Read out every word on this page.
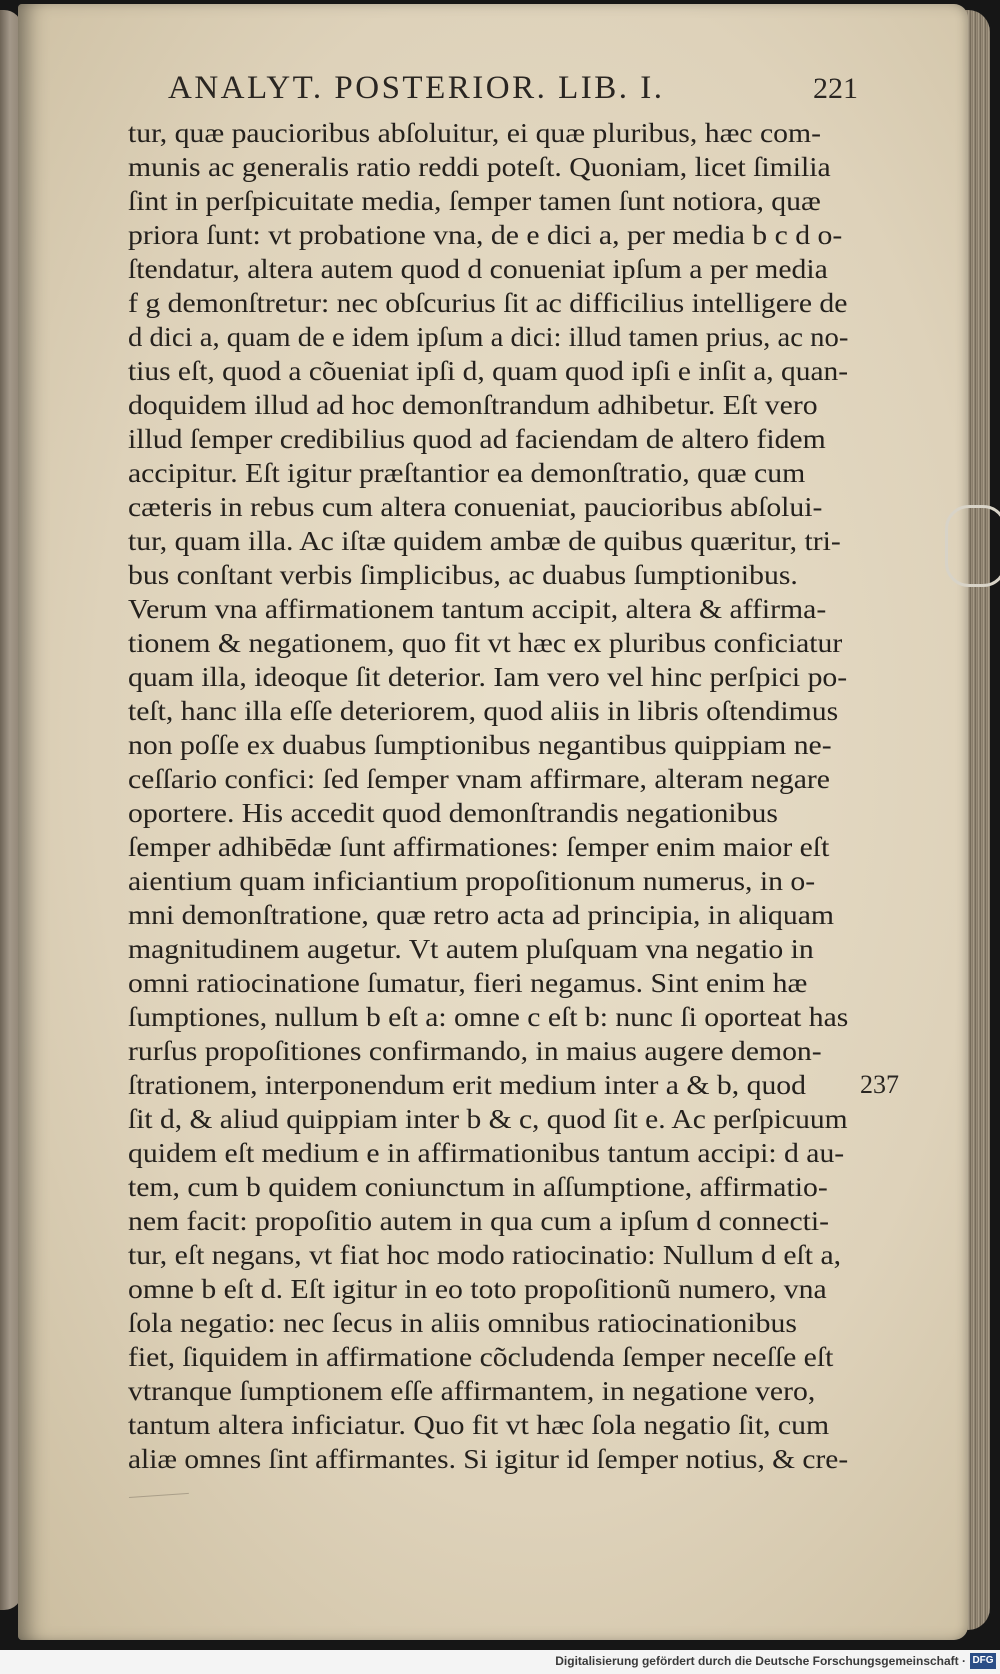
ANALYT. POSTERIOR. LIB. I.	221
tur, quæ paucioribus abſoluitur, ei quæ pluribus, hæc com-
munis ac generalis ratio reddi poteſt. Quoniam, licet ſimilia
ſint in perſpicuitate media, ſemper tamen ſunt notiora, quæ
priora ſunt: vt probatione vna, de e dici a, per media b c d o-
ſtendatur, altera autem quod d conueniat ipſum a per media
f g demonſtretur: nec obſcurius ſit ac difficilius intelligere de
d dici a, quam de e idem ipſum a dici: illud tamen prius, ac no-
tius eſt, quod a cõueniat ipſi d, quam quod ipſi e inſit a, quan-
doquidem illud ad hoc demonſtrandum adhibetur. Eſt vero
illud ſemper credibilius quod ad faciendam de altero fidem
accipitur. Eſt igitur præſtantior ea demonſtratio, quæ cum
cæteris in rebus cum altera conueniat, paucioribus abſolui-
tur, quam illa. Ac iſtæ quidem ambæ de quibus quæritur, tri-
bus conſtant verbis ſimplicibus, ac duabus ſumptionibus.
Verum vna affirmationem tantum accipit, altera & affirma-
tionem & negationem, quo fit vt hæc ex pluribus conficiatur
quam illa, ideoque ſit deterior. Iam vero vel hinc perſpici po-
teſt, hanc illa eſſe deteriorem, quod aliis in libris oſtendimus
non poſſe ex duabus ſumptionibus negantibus quippiam ne-
ceſſario confici: ſed ſemper vnam affirmare, alteram negare
oportere. His accedit quod demonſtrandis negationibus
ſemper adhibēdæ ſunt affirmationes: ſemper enim maior eſt
aientium quam inficiantium propoſitionum numerus, in o-
mni demonſtratione, quæ retro acta ad principia, in aliquam
magnitudinem augetur. Vt autem pluſquam vna negatio in
omni ratiocinatione ſumatur, fieri negamus. Sint enim hæ
ſumptiones, nullum b eſt a: omne c eſt b: nunc ſi oporteat has
rurſus propoſitiones confirmando, in maius augere demon-
ſtrationem, interponendum erit medium inter a & b, quod
ſit d, & aliud quippiam inter b & c, quod ſit e. Ac perſpicuum
quidem eſt medium e in affirmationibus tantum accipi: d au-
tem, cum b quidem coniunctum in aſſumptione, affirmatio-
nem facit: propoſitio autem in qua cum a ipſum d connecti-
tur, eſt negans, vt fiat hoc modo ratiocinatio: Nullum d eſt a,
omne b eſt d. Eſt igitur in eo toto propoſitionũ numero, vna
ſola negatio: nec ſecus in aliis omnibus ratiocinationibus
fiet, ſiquidem in affirmatione cõcludenda ſemper neceſſe eſt
vtranque ſumptionem eſſe affirmantem, in negatione vero,
tantum altera inficiatur. Quo fit vt hæc ſola negatio ſit, cum
aliæ omnes ſint affirmantes. Si igitur id ſemper notius, & cre-
237
Digitalisierung gefördert durch die Deutsche Forschungsgemeinschaft · DFG
